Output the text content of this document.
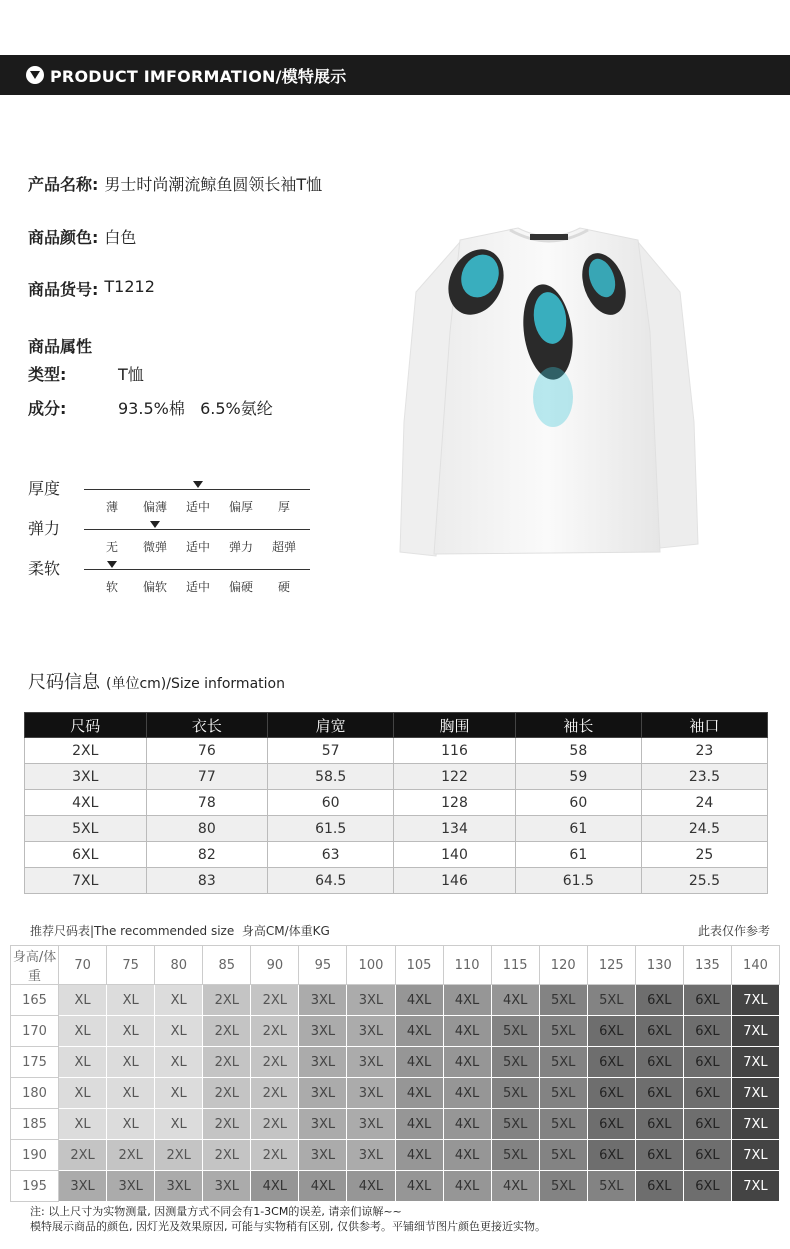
PRODUCT IMFORMATION/模特展示
产品名称: 男士时尚潮流鲸鱼圆领长袖T恤
商品颜色: 白色
商品货号: T1212
商品属性
类型:	T恤
成分:	93.5%棉   6.5%氨纶
厚度
薄	偏薄	适中	偏厚	厚
弹力
无	微弹	适中	弹力	超弹
柔软
软	偏软	适中	偏硬	硬
尺码信息 (单位cm)/Size information
尺码	衣长	肩宽	胸围	袖长	袖口
2XL	76	57	116	58	23
3XL	77	58.5	122	59	23.5
4XL	78	60	128	60	24
5XL	80	61.5	134	61	24.5
6XL	82	63	140	61	25
7XL	83	64.5	146	61.5	25.5
推荐尺码表|The recommended size  身高CM/体重KG	此表仅作参考
身高/体重	70	75	80	85	90	95	100	105	110	115	120	125	130	135	140
165	XL	XL	XL	2XL	2XL	3XL	3XL	4XL	4XL	4XL	5XL	5XL	6XL	6XL	7XL
170	XL	XL	XL	2XL	2XL	3XL	3XL	4XL	4XL	5XL	5XL	6XL	6XL	6XL	7XL
175	XL	XL	XL	2XL	2XL	3XL	3XL	4XL	4XL	5XL	5XL	6XL	6XL	6XL	7XL
180	XL	XL	XL	2XL	2XL	3XL	3XL	4XL	4XL	5XL	5XL	6XL	6XL	6XL	7XL
185	XL	XL	XL	2XL	2XL	3XL	3XL	4XL	4XL	5XL	5XL	6XL	6XL	6XL	7XL
190	2XL	2XL	2XL	2XL	2XL	3XL	3XL	4XL	4XL	5XL	5XL	6XL	6XL	6XL	7XL
195	3XL	3XL	3XL	3XL	4XL	4XL	4XL	4XL	4XL	4XL	5XL	5XL	6XL	6XL	7XL
注: 以上尺寸为实物测量, 因测量方式不同会有1-3CM的误差, 请亲们谅解~~
模特展示商品的颜色, 因灯光及效果原因, 可能与实物稍有区别, 仅供参考。平铺细节图片颜色更接近实物。
